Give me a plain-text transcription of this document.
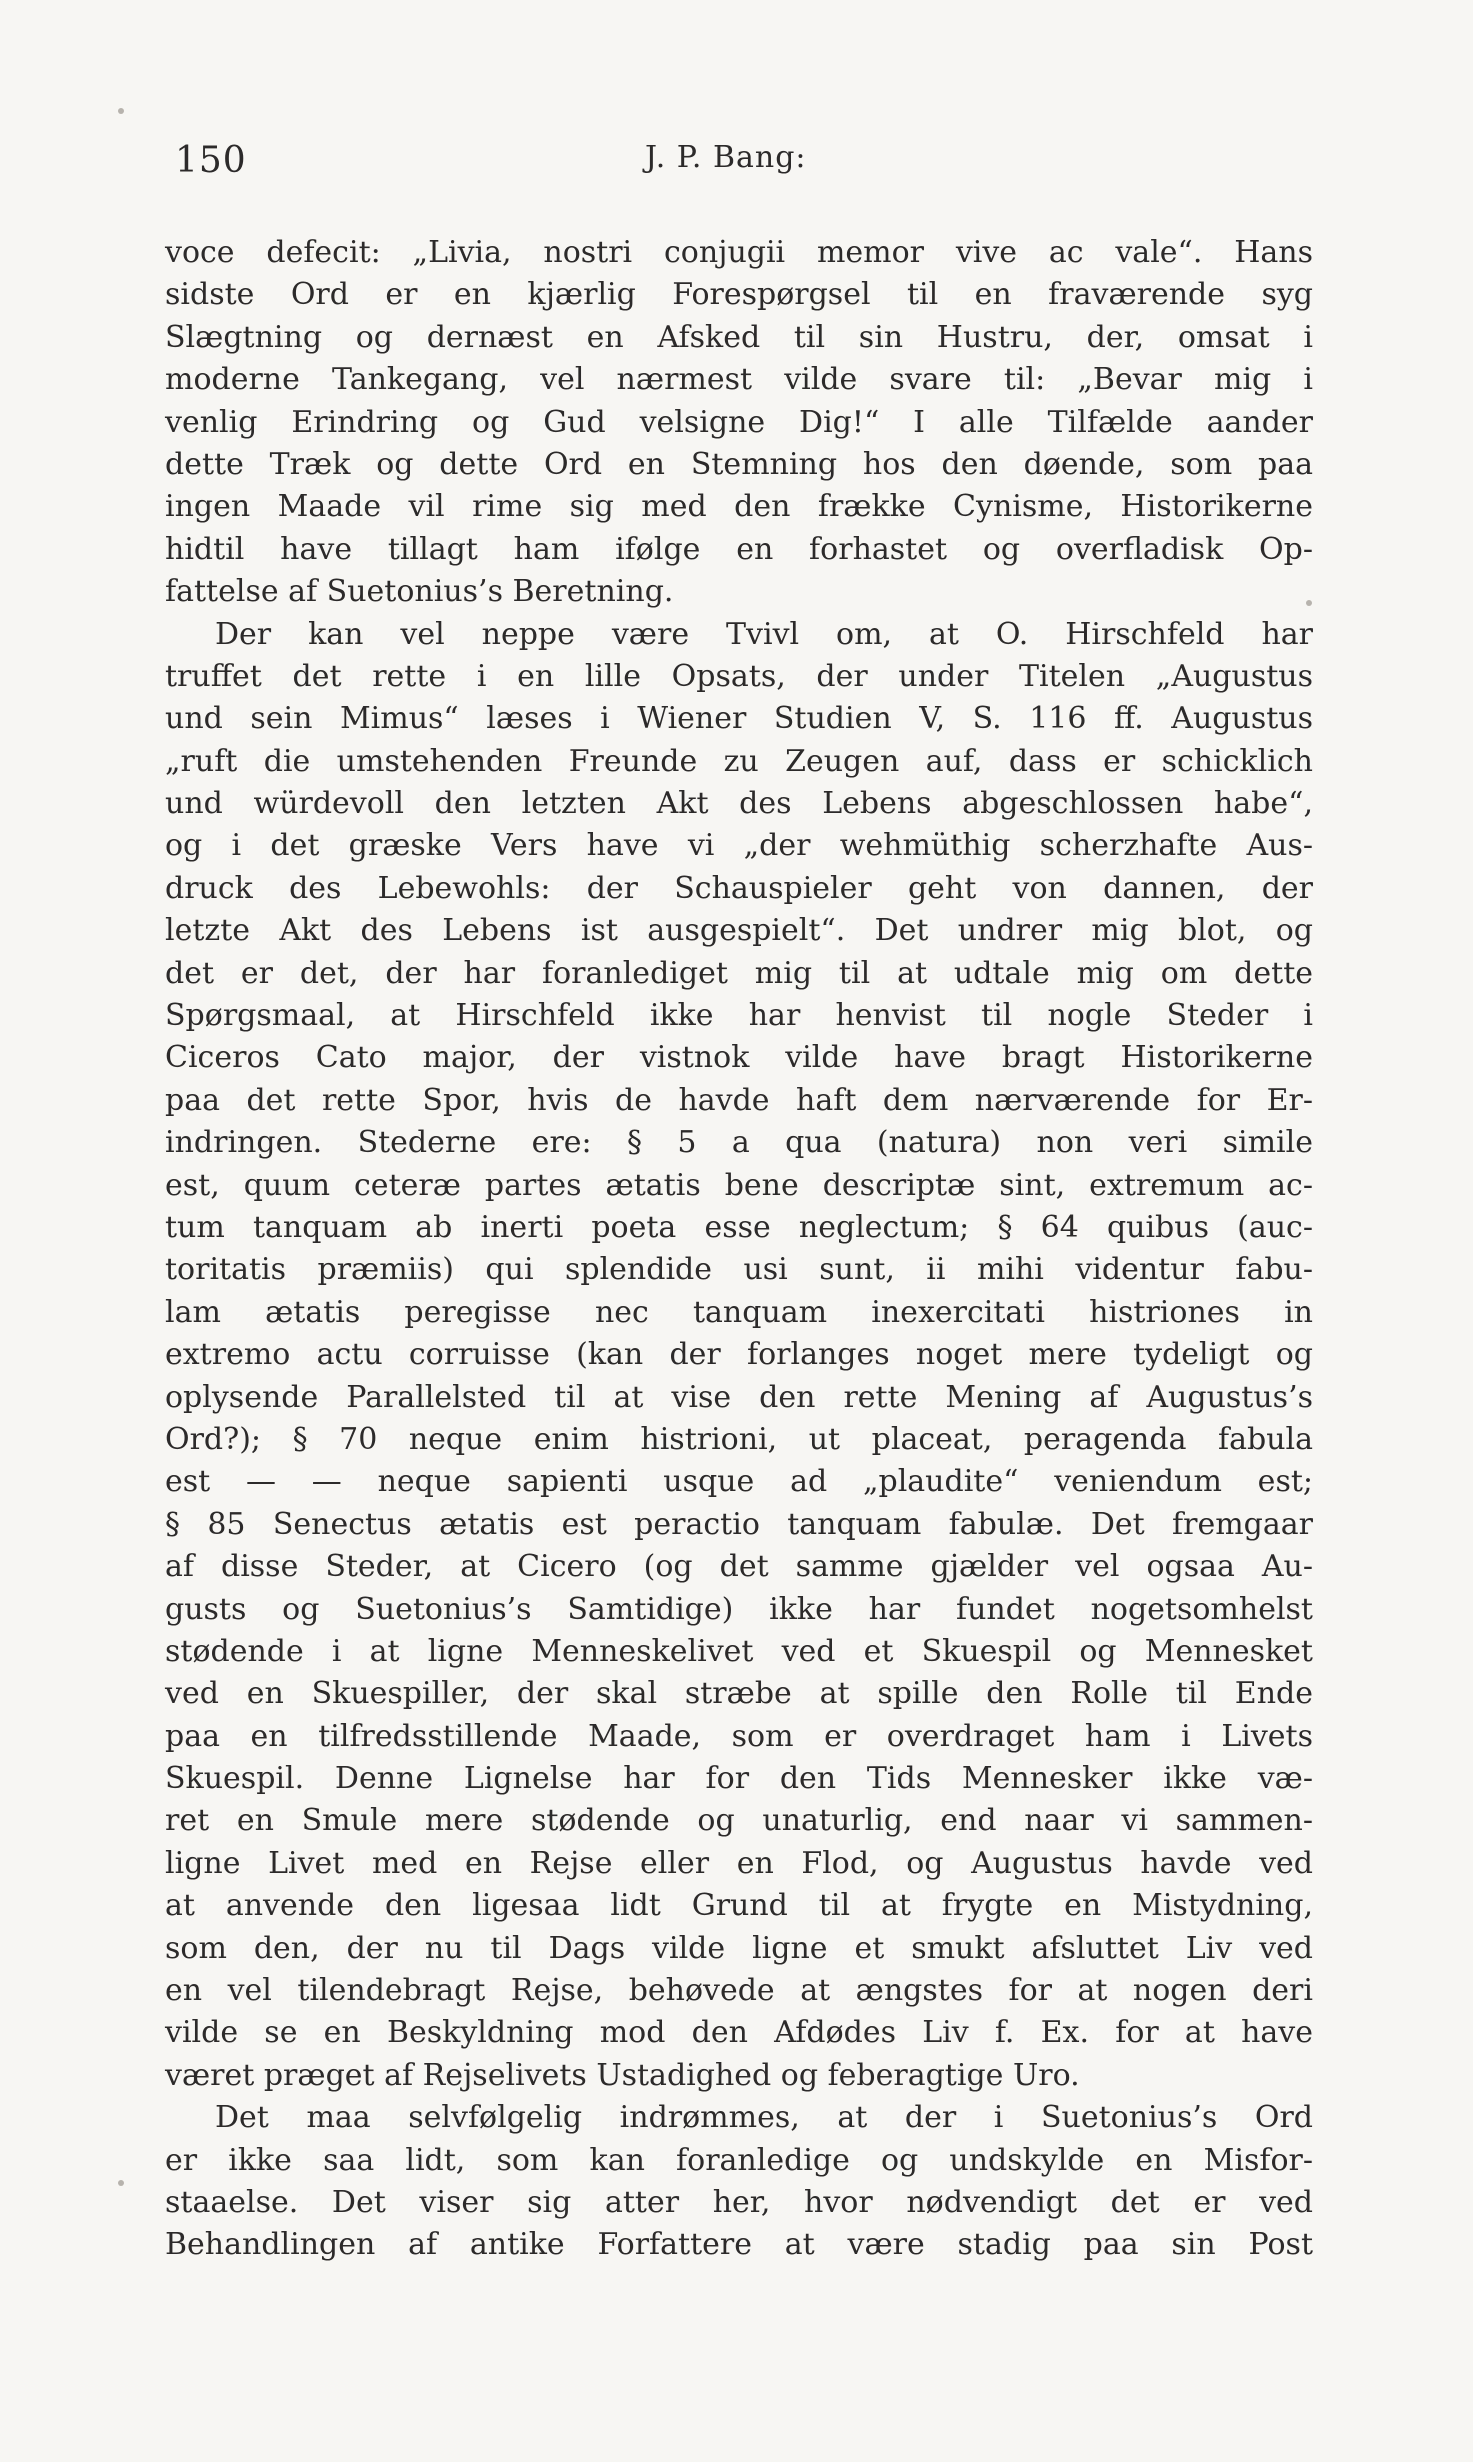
150	J. P. Bang:
voce defecit: „Livia, nostri conjugii memor vive ac vale“. Hans
sidste Ord er en kjærlig Forespørgsel til en fraværende syg
Slægtning og dernæst en Afsked til sin Hustru, der, omsat i
moderne Tankegang, vel nærmest vilde svare til: „Bevar mig i
venlig Erindring og Gud velsigne Dig!“ I alle Tilfælde aander
dette Træk og dette Ord en Stemning hos den døende, som paa
ingen Maade vil rime sig med den frække Cynisme, Historikerne
hidtil have tillagt ham ifølge en forhastet og overfladisk Op-
fattelse af Suetonius’s Beretning.
Der kan vel neppe være Tvivl om, at O. Hirschfeld har
truffet det rette i en lille Opsats, der under Titelen „Augustus
und sein Mimus“ læses i Wiener Studien V, S. 116 ff. Augustus
„ruft die umstehenden Freunde zu Zeugen auf, dass er schicklich
und würdevoll den letzten Akt des Lebens abgeschlossen habe“,
og i det græske Vers have vi „der wehmüthig scherzhafte Aus-
druck des Lebewohls: der Schauspieler geht von dannen, der
letzte Akt des Lebens ist ausgespielt“. Det undrer mig blot, og
det er det, der har foranlediget mig til at udtale mig om dette
Spørgsmaal, at Hirschfeld ikke har henvist til nogle Steder i
Ciceros Cato major, der vistnok vilde have bragt Historikerne
paa det rette Spor, hvis de havde haft dem nærværende for Er-
indringen. Stederne ere: § 5 a qua (natura) non veri simile
est, quum ceteræ partes ætatis bene descriptæ sint, extremum ac-
tum tanquam ab inerti poeta esse neglectum; § 64 quibus (auc-
toritatis præmiis) qui splendide usi sunt, ii mihi videntur fabu-
lam ætatis peregisse nec tanquam inexercitati histriones in
extremo actu corruisse (kan der forlanges noget mere tydeligt og
oplysende Parallelsted til at vise den rette Mening af Augustus’s
Ord?); § 70 neque enim histrioni, ut placeat, peragenda fabula
est — — neque sapienti usque ad „plaudite“ veniendum est;
§ 85 Senectus ætatis est peractio tanquam fabulæ. Det fremgaar
af disse Steder, at Cicero (og det samme gjælder vel ogsaa Au-
gusts og Suetonius’s Samtidige) ikke har fundet nogetsomhelst
stødende i at ligne Menneskelivet ved et Skuespil og Mennesket
ved en Skuespiller, der skal stræbe at spille den Rolle til Ende
paa en tilfredsstillende Maade, som er overdraget ham i Livets
Skuespil. Denne Lignelse har for den Tids Mennesker ikke væ-
ret en Smule mere stødende og unaturlig, end naar vi sammen-
ligne Livet med en Rejse eller en Flod, og Augustus havde ved
at anvende den ligesaa lidt Grund til at frygte en Mistydning,
som den, der nu til Dags vilde ligne et smukt afsluttet Liv ved
en vel tilendebragt Rejse, behøvede at ængstes for at nogen deri
vilde se en Beskyldning mod den Afdødes Liv f. Ex. for at have
været præget af Rejselivets Ustadighed og feberagtige Uro.
Det maa selvfølgelig indrømmes, at der i Suetonius’s Ord
er ikke saa lidt, som kan foranledige og undskylde en Misfor-
staaelse. Det viser sig atter her, hvor nødvendigt det er ved
Behandlingen af antike Forfattere at være stadig paa sin Post
